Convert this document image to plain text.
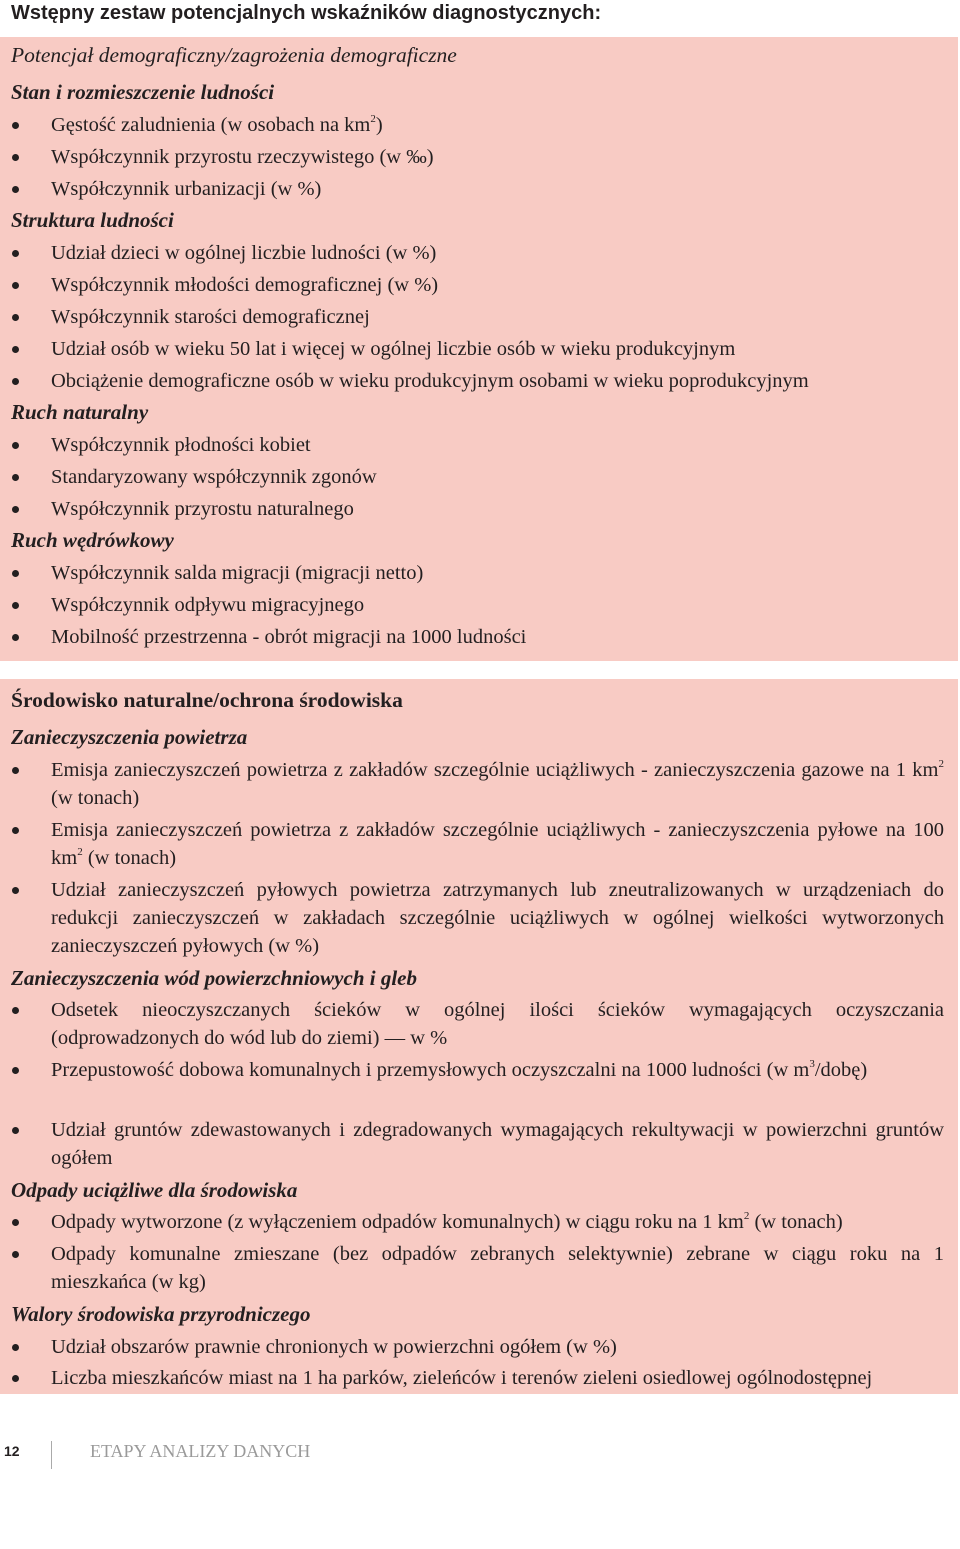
Wstępny zestaw potencjalnych wskaźników diagnostycznych:
12	ETAPY ANALIZY DANYCH
Potencjał demograficzny/zagrożenia demograficzne
Stan i rozmieszczenie ludności
Gęstość zaludnienia (w osobach na $km^2$)
Współczynnik przyrostu rzeczywistego (w ‰)
Współczynnik urbanizacji (w %)
Struktura ludności
Udział dzieci w ogólnej liczbie ludności (w %)
Współczynnik młodości demograficznej (w %)
Współczynnik starości demograficznej
Udział osób w wieku 50 lat i więcej w ogólnej liczbie osób w wieku produkcyjnym
Obciążenie demograficzne osób w wieku produkcyjnym osobami w wieku poprodukcyjnym
Ruch naturalny
Współczynnik płodności kobiet
Standaryzowany współczynnik zgonów
Współczynnik przyrostu naturalnego
Ruch wędrówkowy
Współczynnik salda migracji (migracji netto)
Współczynnik odpływu migracyjnego
Mobilność przestrzenna - obrót migracji na 1000 ludności
Środowisko naturalne/ochrona środowiska
Zanieczyszczenia powietrza
Emisja zanieczyszczeń powietrza z zakładów szczególnie uciążliwych - zanieczyszczenia gazowe na 1 $km^2$ (w tonach)
Emisja zanieczyszczeń powietrza z zakładów szczególnie uciążliwych - zanieczyszczenia pyłowe na 100 $km^2$ (w tonach)
Udział zanieczyszczeń pyłowych powietrza zatrzymanych lub zneutralizowanych w urządzeniach do redukcji zanieczyszczeń w zakładach szczególnie uciążliwych w ogólnej wielkości wytworzonych zanieczyszczeń pyłowych (w %)
Zanieczyszczenia wód powierzchniowych i gleb
Odsetek nieoczyszczanych ścieków w ogólnej ilości ścieków wymagających oczyszczania (odprowadzonych do wód lub do ziemi) — w %
Przepustowość dobowa komunalnych i przemysłowych oczyszczalni na 1000 ludności (w $m^3/dobę$)
Udział gruntów zdewastowanych i zdegradowanych wymagających rekultywacji w powierzchni gruntów ogółem
Odpady uciążliwe dla środowiska
Odpady wytworzone (z wyłączeniem odpadów komunalnych) w ciągu roku na 1 $km^2$ (w tonach)
Odpady komunalne zmieszane (bez odpadów zebranych selektywnie) zebrane w ciągu roku na 1 mieszkańca (w kg)
Walory środowiska przyrodniczego
Udział obszarów prawnie chronionych w powierzchni ogółem (w %)
Liczba mieszkańców miast na 1 ha parków, zieleńców i terenów zieleni osiedlowej ogólnodostępnej
